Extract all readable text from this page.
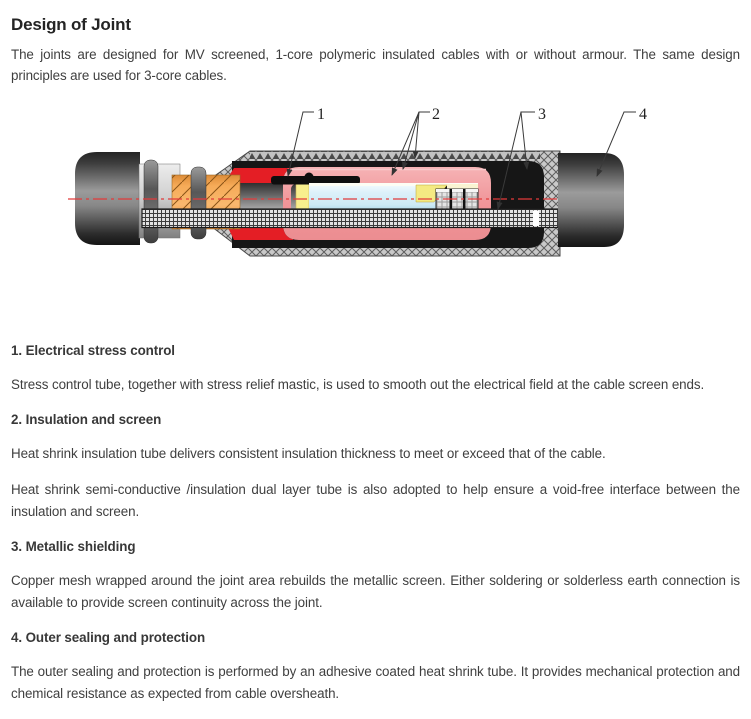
Design of Joint

The joints are designed for MV screened, 1-core polymeric insulated cables with or without armour. The same design principles are used for 3-core cables.

1	2	3	4
1. Electrical stress control

Stress control tube, together with stress relief mastic, is used to smooth out the electrical field at the cable screen ends.

2. Insulation and screen

Heat shrink insulation tube delivers consistent insulation thickness to meet or exceed that of the cable.

Heat shrink semi-conductive /insulation dual layer tube is also adopted to help ensure a void-free interface between the insulation and screen.

3. Metallic shielding

Copper mesh wrapped around the joint area rebuilds the metallic screen. Either soldering or solderless earth connection is available to provide screen continuity across the joint.

4. Outer sealing and protection

The outer sealing and protection is performed by an adhesive coated heat shrink tube. It provides mechanical protection and chemical resistance as expected from cable oversheath.
